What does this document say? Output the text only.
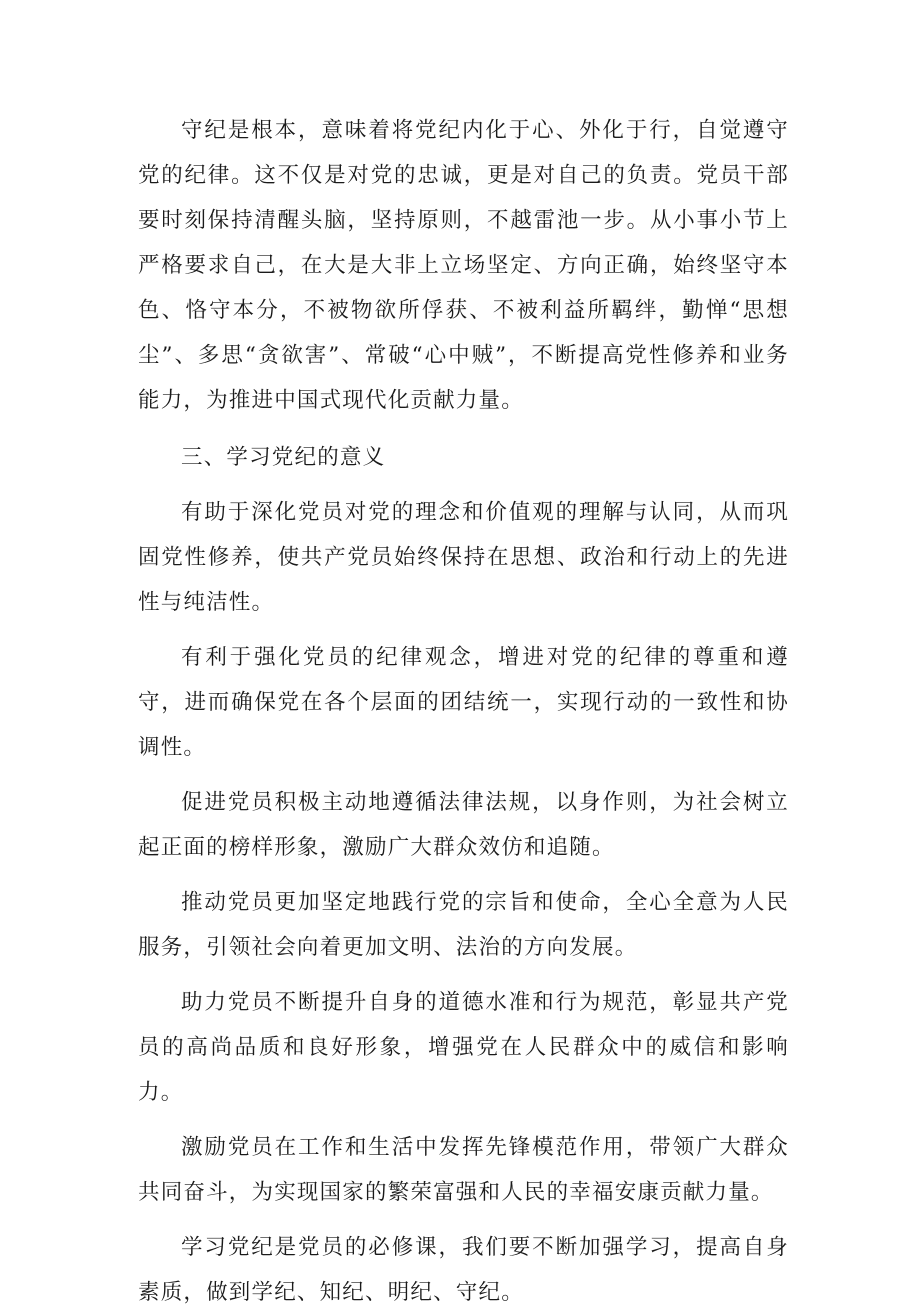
守纪是根本，意味着将党纪内化于心、外化于行，自觉遵守党的纪律。这不仅是对党的忠诚，更是对自己的负责。党员干部要时刻保持清醒头脑，坚持原则，不越雷池一步。从小事小节上严格要求自己，在大是大非上立场坚定、方向正确，始终坚守本色、恪守本分，不被物欲所俘获、不被利益所羁绊，勤惮“思想尘”、多思“贪欲害”、常破“心中贼”，不断提高党性修养和业务能力，为推进中国式现代化贡献力量。

三、学习党纪的意义

有助于深化党员对党的理念和价值观的理解与认同，从而巩固党性修养，使共产党员始终保持在思想、政治和行动上的先进性与纯洁性。

有利于强化党员的纪律观念，增进对党的纪律的尊重和遵守，进而确保党在各个层面的团结统一，实现行动的一致性和协调性。

促进党员积极主动地遵循法律法规，以身作则，为社会树立起正面的榜样形象，激励广大群众效仿和追随。

推动党员更加坚定地践行党的宗旨和使命，全心全意为人民服务，引领社会向着更加文明、法治的方向发展。

助力党员不断提升自身的道德水准和行为规范，彰显共产党员的高尚品质和良好形象，增强党在人民群众中的威信和影响力。

激励党员在工作和生活中发挥先锋模范作用，带领广大群众共同奋斗，为实现国家的繁荣富强和人民的幸福安康贡献力量。

学习党纪是党员的必修课，我们要不断加强学习，提高自身素质，做到学纪、知纪、明纪、守纪。
